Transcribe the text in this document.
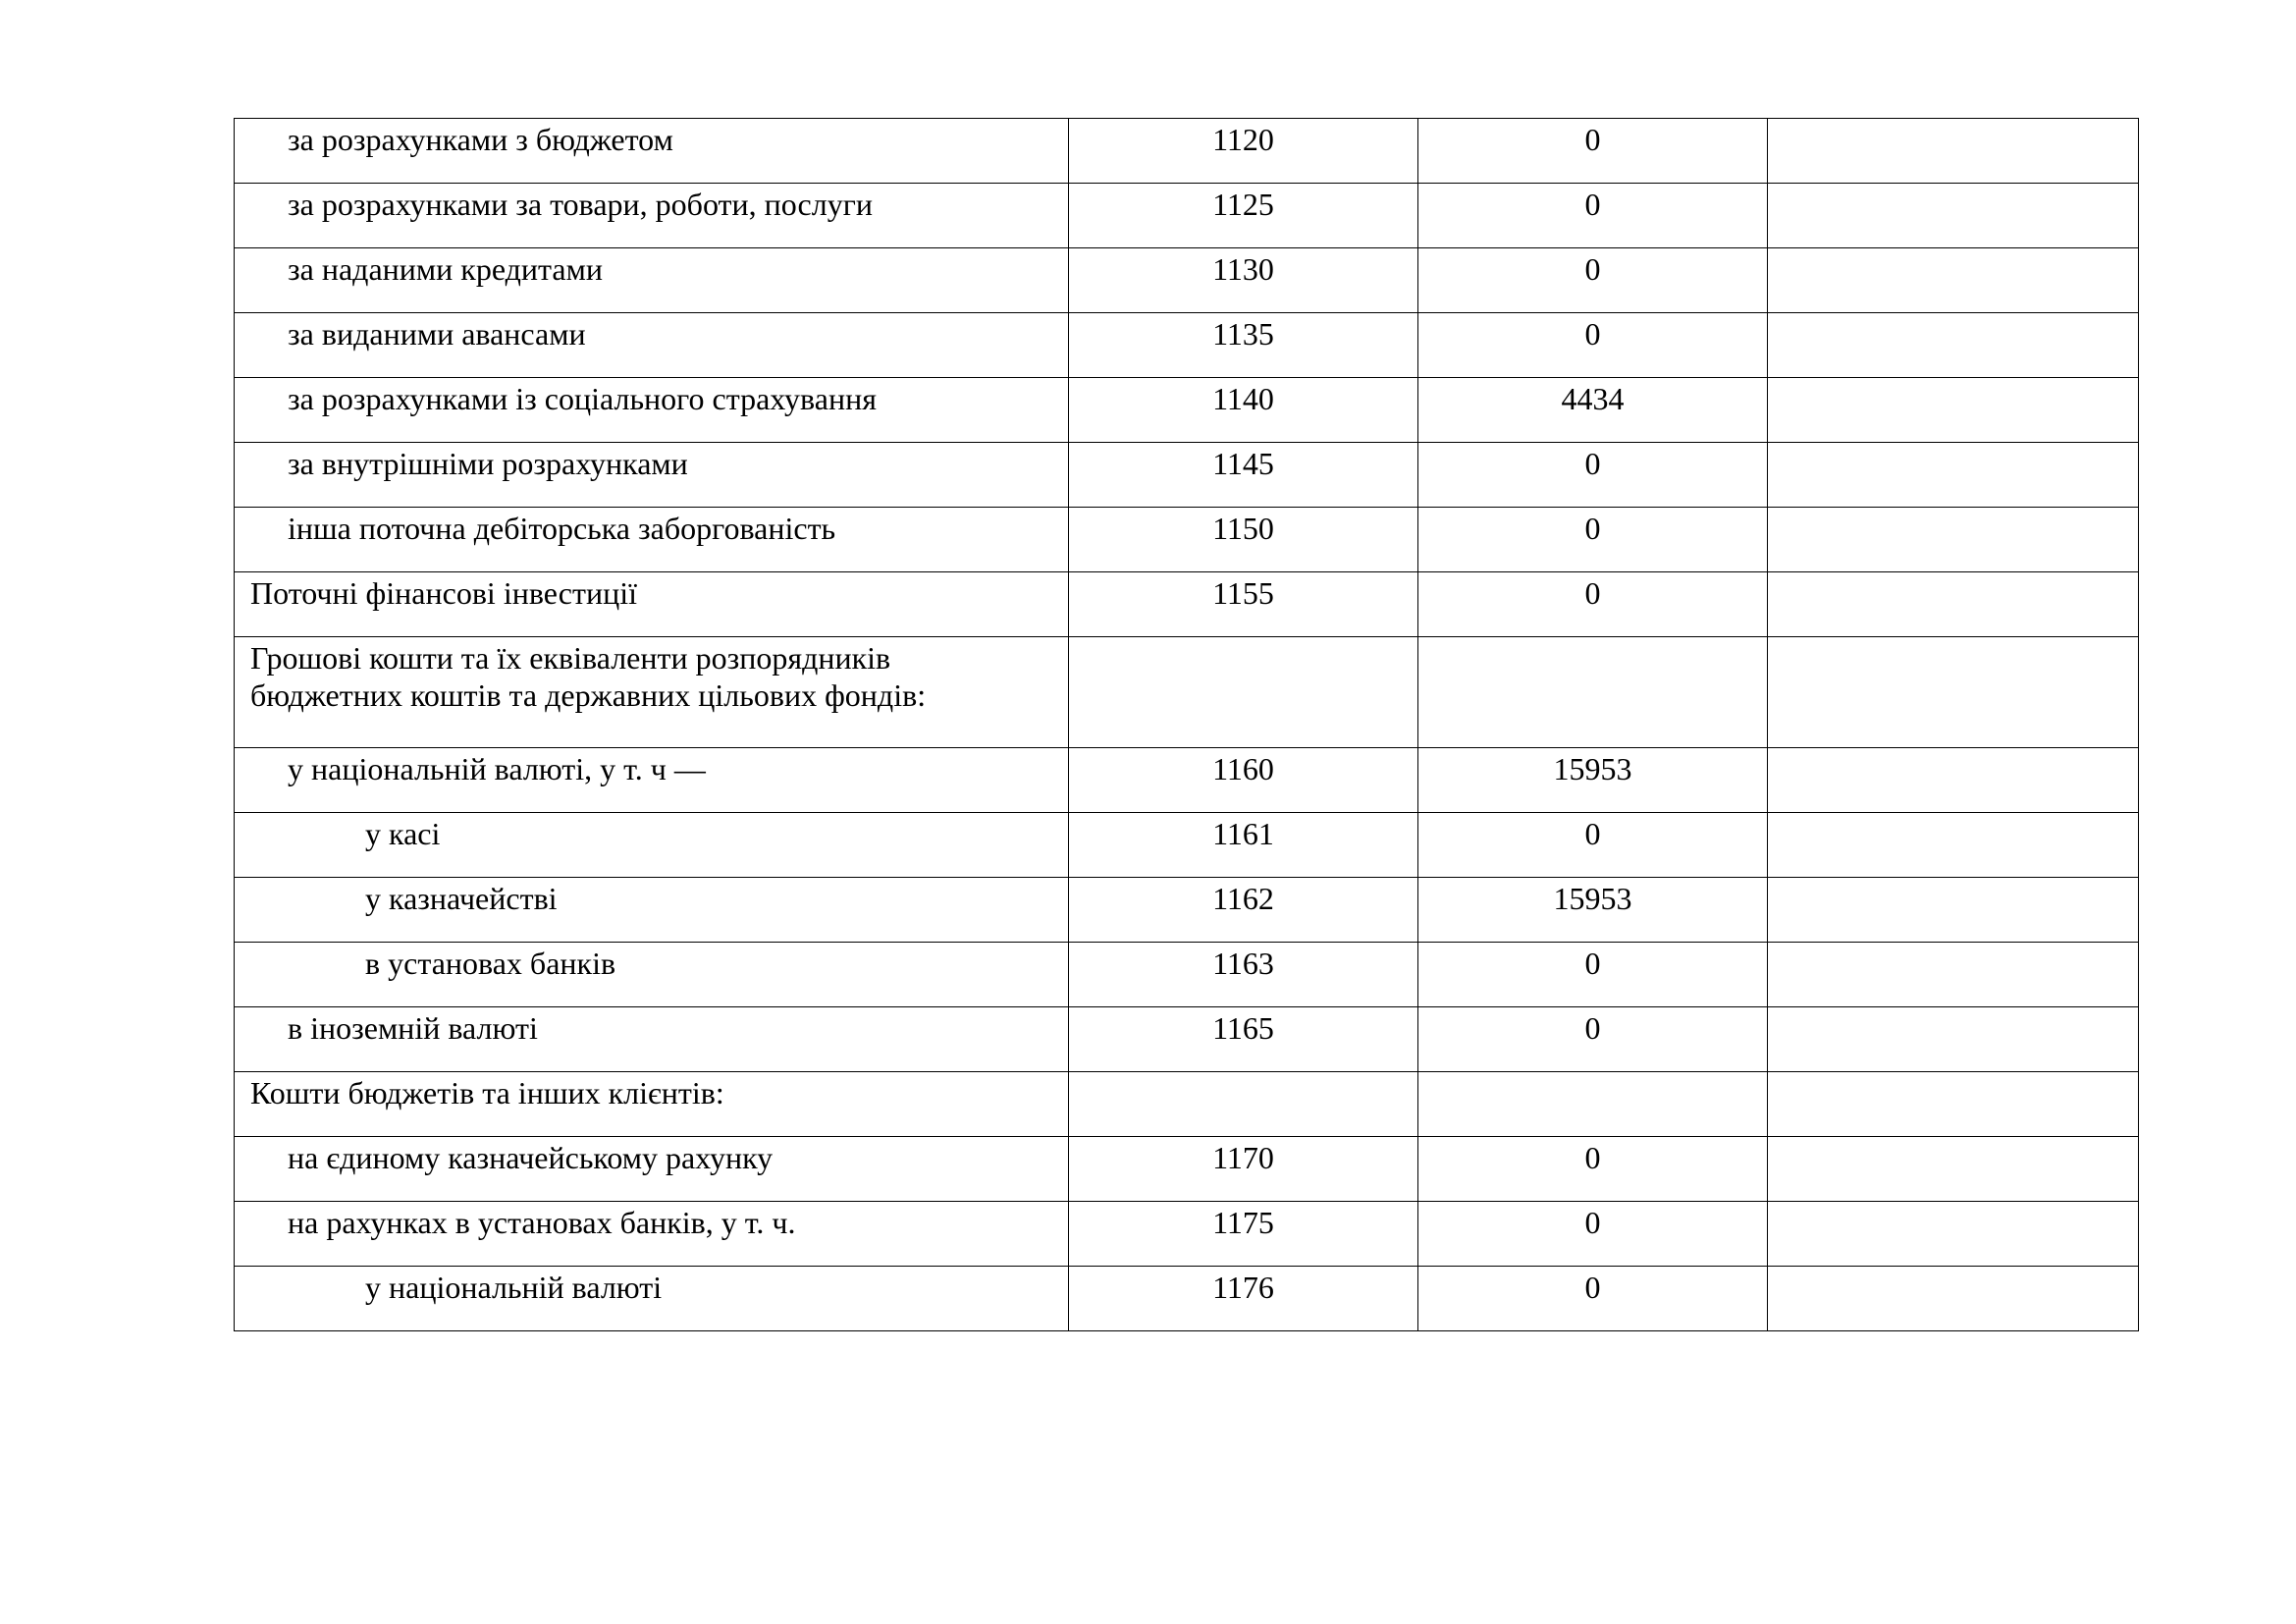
за розрахунками з бюджетом	1120	0	

за розрахунками за товари, роботи, послуги	1125	0	

за наданими кредитами	1130	0	

за виданими авансами	1135	0	

за розрахунками із соціального страхування	1140	4434	

за внутрішніми розрахунками	1145	0	

інша поточна дебіторська заборгованість	1150	0	

Поточні фінансові інвестиції	1155	0	

Грошові кошти та їх еквіваленти розпорядників
бюджетних коштів та державних цільових фондів:			

у національній валюті, у т. ч —	1160	15953	

у касі	1161	0	

у казначействі	1162	15953	

в установах банків	1163	0	

в іноземній валюті	1165	0	

Кошти бюджетів та інших клієнтів:			

на єдиному казначейському рахунку	1170	0	

на рахунках в установах банків, у т. ч.	1175	0	

у національній валюті	1176	0	
